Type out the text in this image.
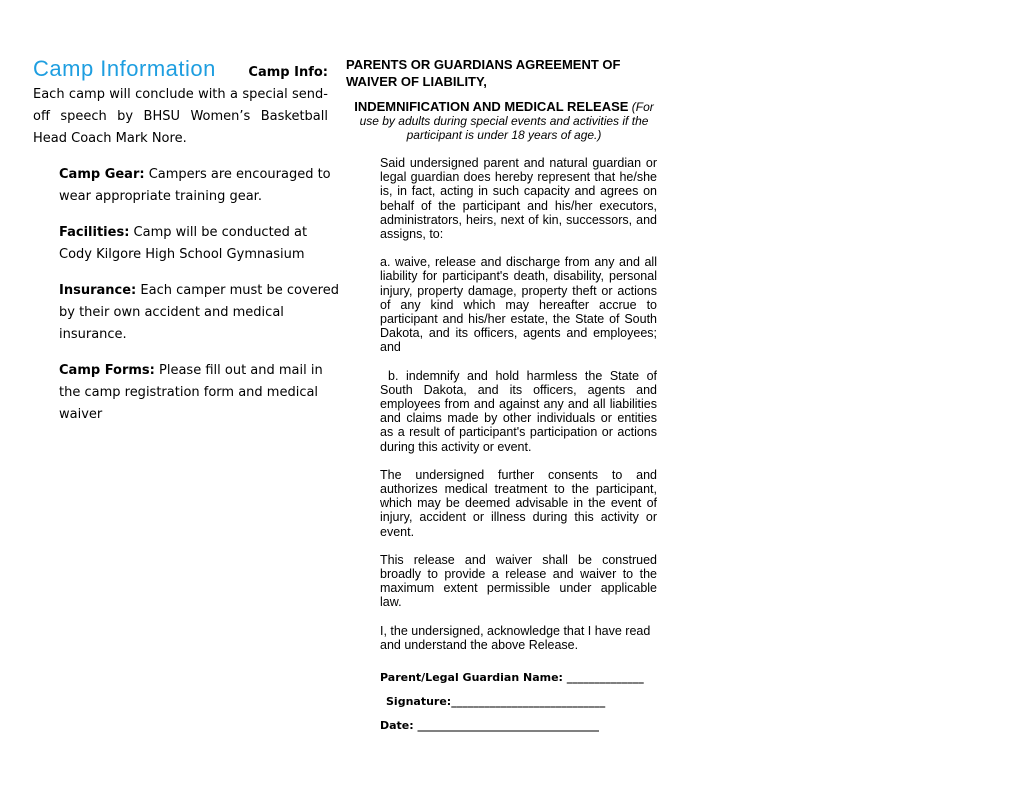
Camp Information	Camp Info:
Each camp will conclude with a special send-off speech by BHSU Women’s Basketball Head Coach Mark Nore.
Camp Gear: Campers are encouraged to wear appropriate training gear.
Facilities: Camp will be conducted at Cody Kilgore High School Gymnasium
Insurance: Each camper must be covered by their own accident and medical insurance.
Camp Forms: Please fill out and mail in the camp registration form and medical waiver
PARENTS OR GUARDIANS AGREEMENT OF WAIVER OF LIABILITY,
INDEMNIFICATION AND MEDICAL RELEASE (For use by adults during special events and activities if the participant is under 18 years of age.)

Said undersigned parent and natural guardian or legal guardian does hereby represent that he/she is, in fact, acting in such capacity and agrees on behalf of the participant and his/her executors, administrators, heirs, next of kin, successors, and assigns, to:

a. waive, release and discharge from any and all liability for participant's death, disability, personal injury, property damage, property theft or actions of any kind which may hereafter accrue to participant and his/her estate, the State of South Dakota, and its officers, agents and employees; and

b. indemnify and hold harmless the State of South Dakota, and its officers, agents and employees from and against any and all liabilities and claims made by other individuals or entities as a result of participant's participation or actions during this activity or event.

The undersigned further consents to and authorizes medical treatment to the participant, which may be deemed advisable in the event of injury, accident or illness during this activity or event.

This release and waiver shall be construed broadly to provide a release and waiver to the maximum extent permissible under applicable law.

I, the undersigned, acknowledge that I have read and understand the above Release.

Parent/Legal Guardian Name: ______________
Signature:____________________________
Date: _________________________________
